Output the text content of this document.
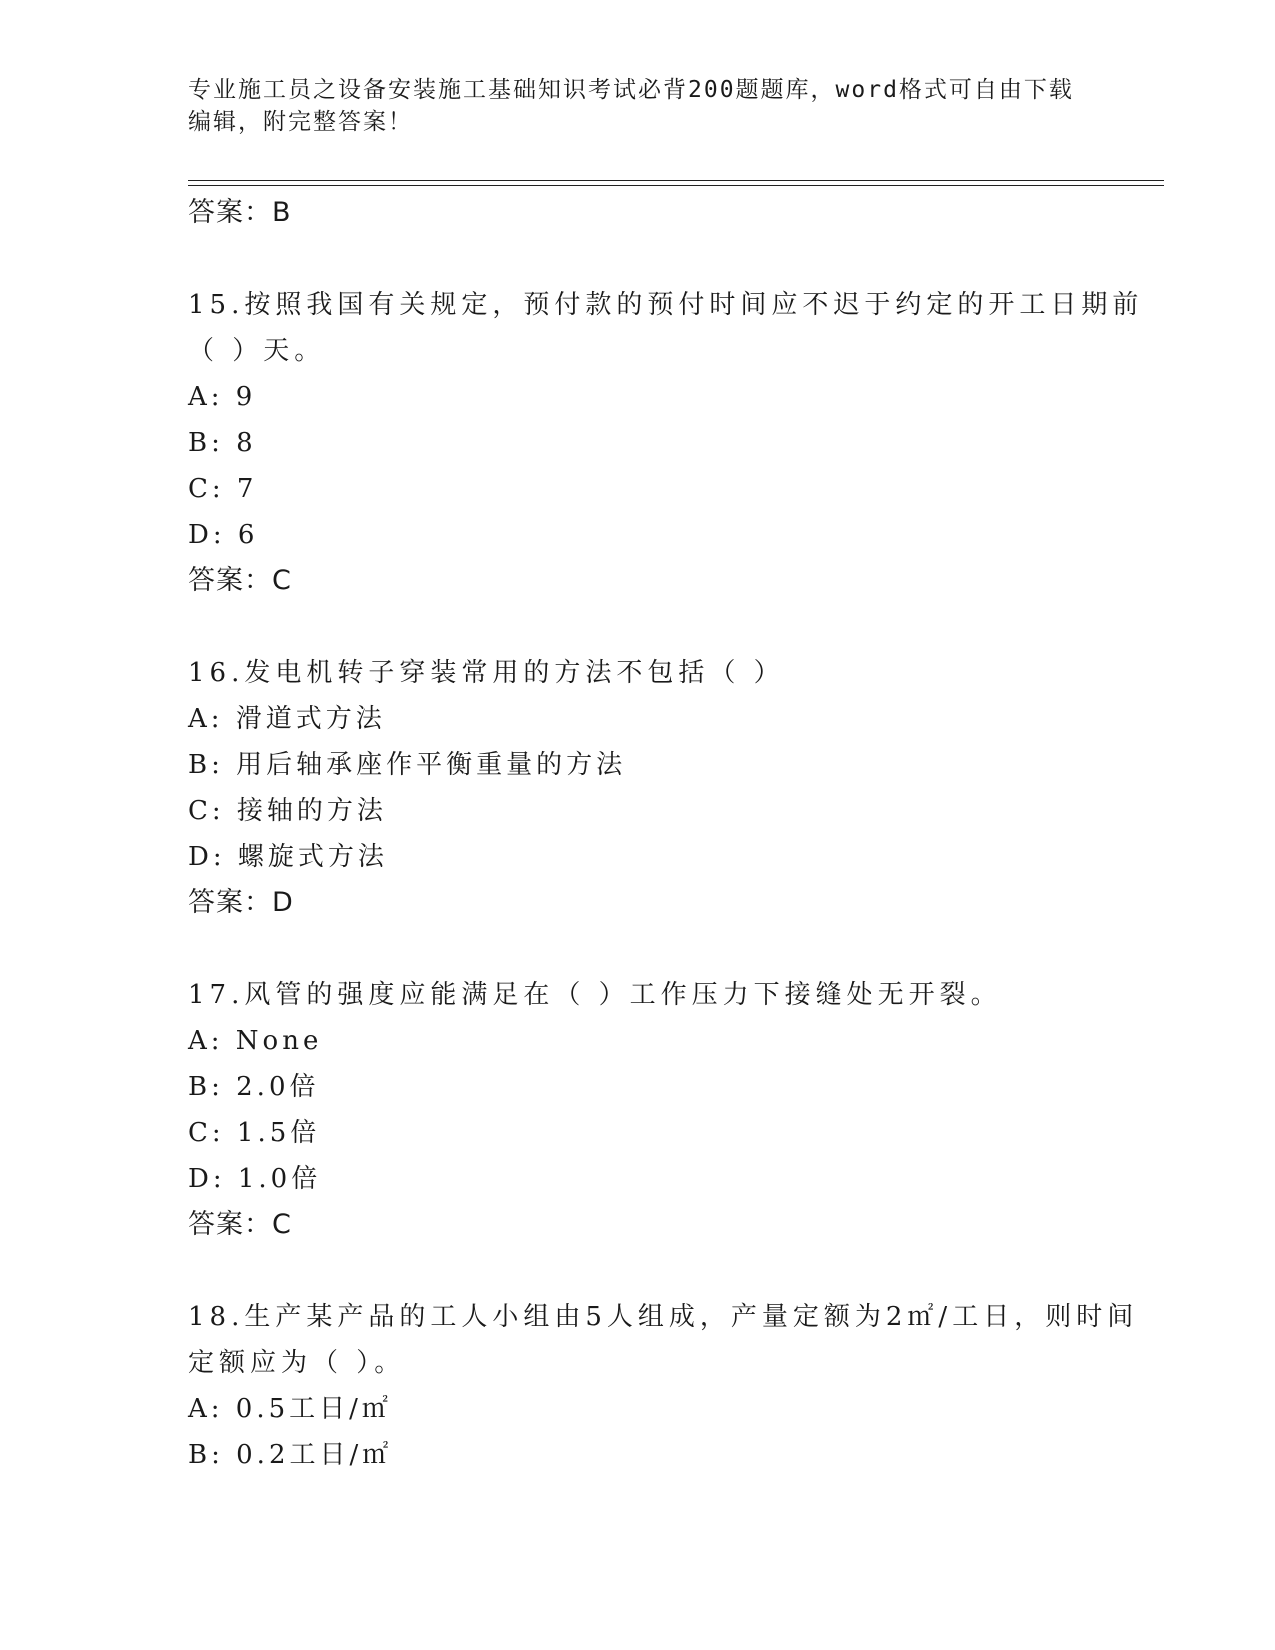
专业施工员之设备安装施工基础知识考试必背200题题库，word格式可自由下载
编辑，附完整答案！
答案：B
15.按照我国有关规定，预付款的预付时间应不迟于约定的开工日期前
（ ）天。
A: 9
B: 8
C: 7
D: 6
答案：C
16.发电机转子穿装常用的方法不包括（ ）
A: 滑道式方法
B: 用后轴承座作平衡重量的方法
C: 接轴的方法
D: 螺旋式方法
答案：D
17.风管的强度应能满足在（ ）工作压力下接缝处无开裂。
A: None
B: 2.0倍
C: 1.5倍
D: 1.0倍
答案：C
18.生产某产品的工人小组由5人组成，产量定额为2㎡/工日，则时间
定额应为（ ）。
A: 0.5工日/㎡
B: 0.2工日/㎡
